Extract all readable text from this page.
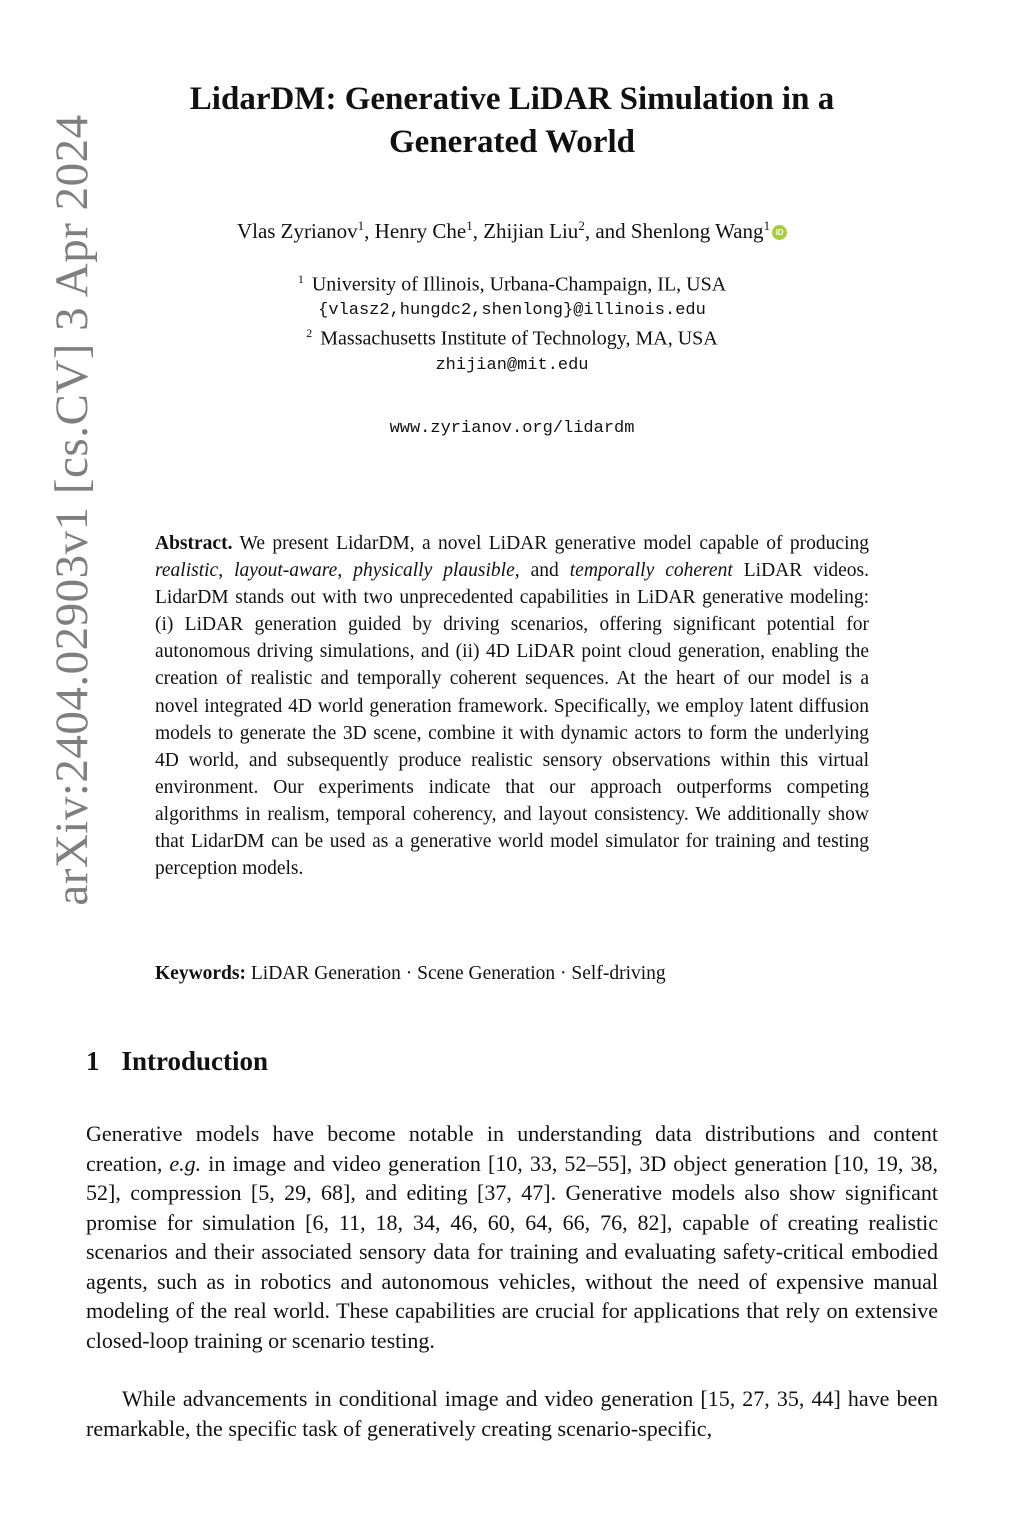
arXiv:2404.02903v1 [cs.CV] 3 Apr 2024
LidarDM: Generative LiDAR Simulation in a
Generated World
Vlas Zyrianov$^1$, Henry Che$^1$, Zhijian Liu$^2$, and Shenlong Wang$^1$ iD
$^1$ University of Illinois, Urbana-Champaign, IL, USA
{vlasz2,hungdc2,shenlong}@illinois.edu
$^2$ Massachusetts Institute of Technology, MA, USA
zhijian@mit.edu
www.zyrianov.org/lidardm
Abstract. We present LidarDM, a novel LiDAR generative model capable of producing realistic, layout-aware, physically plausible, and temporally coherent LiDAR videos. LidarDM stands out with two unprecedented capabilities in LiDAR generative modeling: (i) LiDAR generation guided by driving scenarios, offering significant potential for autonomous driving simulations, and (ii) 4D LiDAR point cloud generation, enabling the creation of realistic and temporally coherent sequences. At the heart of our model is a novel integrated 4D world generation framework. Specifically, we employ latent diffusion models to generate the 3D scene, combine it with dynamic actors to form the underlying 4D world, and subsequently produce realistic sensory observations within this virtual environment. Our experiments indicate that our approach outperforms competing algorithms in realism, temporal coherency, and layout consistency. We additionally show that LidarDM can be used as a generative world model simulator for training and testing perception models.
Keywords: LiDAR Generation · Scene Generation · Self-driving
1 Introduction
Generative models have become notable in understanding data distributions and content creation, e.g. in image and video generation [10, 33, 52–55], 3D object generation [10, 19, 38, 52], compression [5, 29, 68], and editing [37, 47]. Generative models also show significant promise for simulation [6, 11, 18, 34, 46, 60, 64, 66, 76, 82], capable of creating realistic scenarios and their associated sensory data for training and evaluating safety-critical embodied agents, such as in robotics and autonomous vehicles, without the need of expensive manual modeling of the real world. These capabilities are crucial for applications that rely on extensive closed-loop training or scenario testing.
While advancements in conditional image and video generation [15, 27, 35, 44] have been remarkable, the specific task of generatively creating scenario-specific,
